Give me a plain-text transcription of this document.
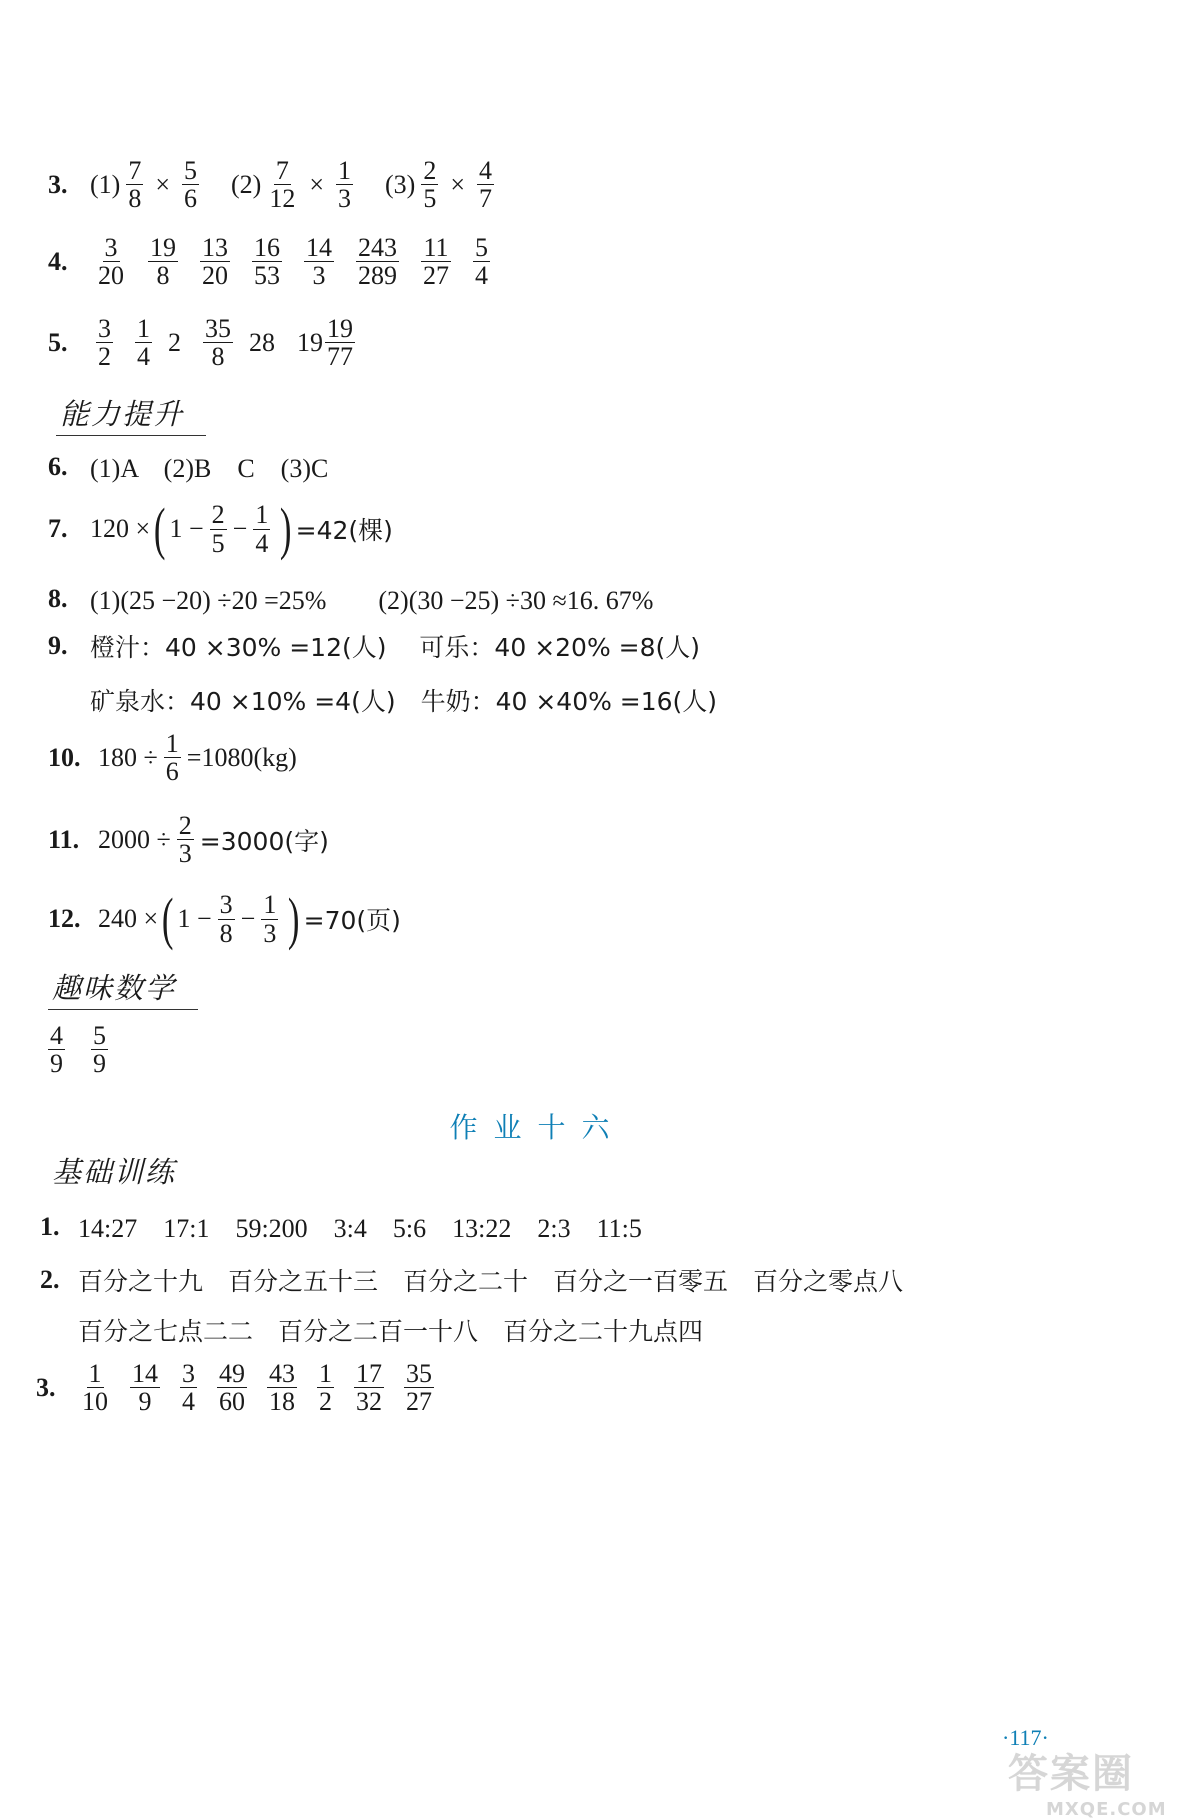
3. $(1) \frac{7}{8} \times \frac{5}{6} (2) \frac{7}{12} \times \frac{1}{3} (3) \frac{2}{5} \times \frac{4}{7}$
4.	$\frac{3}{20} \frac{19}{8} \frac{13}{20} \frac{16}{53} \frac{14}{3} \frac{243}{289} \frac{11}{27} \frac{5}{4}$
5.	$\frac{3}{2} \frac{1}{4} 2 \frac{35}{8} 28$ $19 \frac{19}{77}$
能力提升
6. (1)A　(2)B　C　(3)C
7. 120 × ( $1 - \frac{2}{5} - \frac{1}{4}$ ) =42(棵)
8. (1)(25 −20) ÷20 =25%　　(2)(30 −25) ÷30 ≈16. 67%
9. 橙汁：40 ×30% =12(人)　 可乐：40 ×20% =8(人)
矿泉水：40 ×10% =4(人)　牛奶：40 ×40% =16(人)
10. $180 \div \frac{1}{6} =1080(kg)$
11. $2000 \div \frac{2}{3} =3000$(字)
12. 240 × ( $1 - \frac{3}{8} - \frac{1}{3}$ ) =70(页)
趣味数学
$\frac{4}{9} \frac{5}{9}$
作业十六
基础训练
1. 14:27　17:1　59:200　3:4　5:6　13:22　2:3　11:5
2. 百分之十九　百分之五十三　百分之二十　百分之一百零五　百分之零点八
百分之七点二二　百分之二百一十八　百分之二十九点四
3. $\frac{1}{10} \frac{14}{9} \frac{3}{4} \frac{49}{60} \frac{43}{18} \frac{1}{2} \frac{17}{32} \frac{35}{27}$
·117·
答案圈
MXQE.COM
